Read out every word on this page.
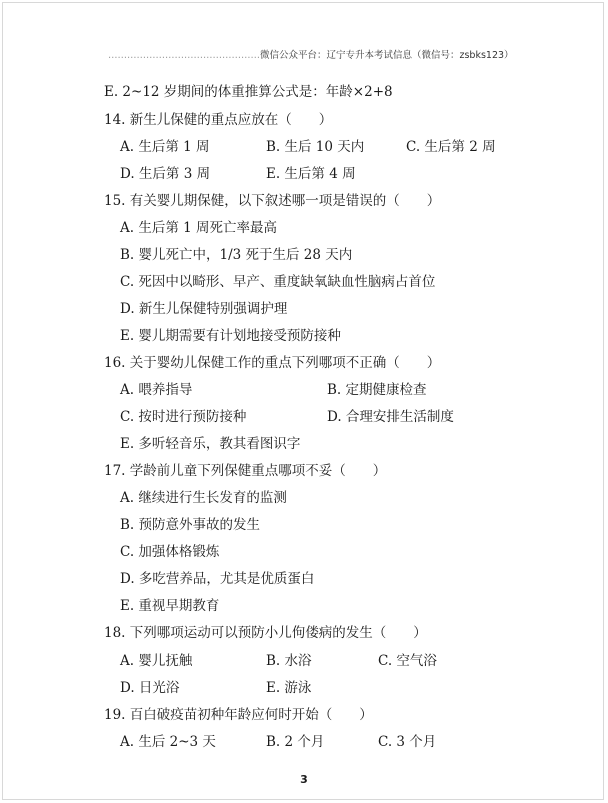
…………………………………………微信公众平台：辽宁专升本考试信息（微信号：zsbks123）
E. 2~12 岁期间的体重推算公式是：年龄×2+8
14. 新生儿保健的重点应放在（　　）
A. 生后第 1 周	B. 生后 10 天内	C. 生后第 2 周
D. 生后第 3 周	E. 生后第 4 周
15. 有关婴儿期保健，以下叙述哪一项是错误的（　　）
A. 生后第 1 周死亡率最高
B. 婴儿死亡中，1/3 死于生后 28 天内
C. 死因中以畸形、早产、重度缺氧缺血性脑病占首位
D. 新生儿保健特别强调护理
E. 婴儿期需要有计划地接受预防接种
16. 关于婴幼儿保健工作的重点下列哪项不正确（　　）
A. 喂养指导	B. 定期健康检查
C. 按时进行预防接种	D. 合理安排生活制度
E. 多听轻音乐，教其看图识字
17. 学龄前儿童下列保健重点哪项不妥（　　）
A. 继续进行生长发育的监测
B. 预防意外事故的发生
C. 加强体格锻炼
D. 多吃营养品，尤其是优质蛋白
E. 重视早期教育
18. 下列哪项运动可以预防小儿佝偻病的发生（　　）
A. 婴儿抚触	B. 水浴	C. 空气浴
D. 日光浴	E. 游泳
19. 百白破疫苗初种年龄应何时开始（　　）
A. 生后 2~3 天	B. 2 个月	C. 3 个月
3
